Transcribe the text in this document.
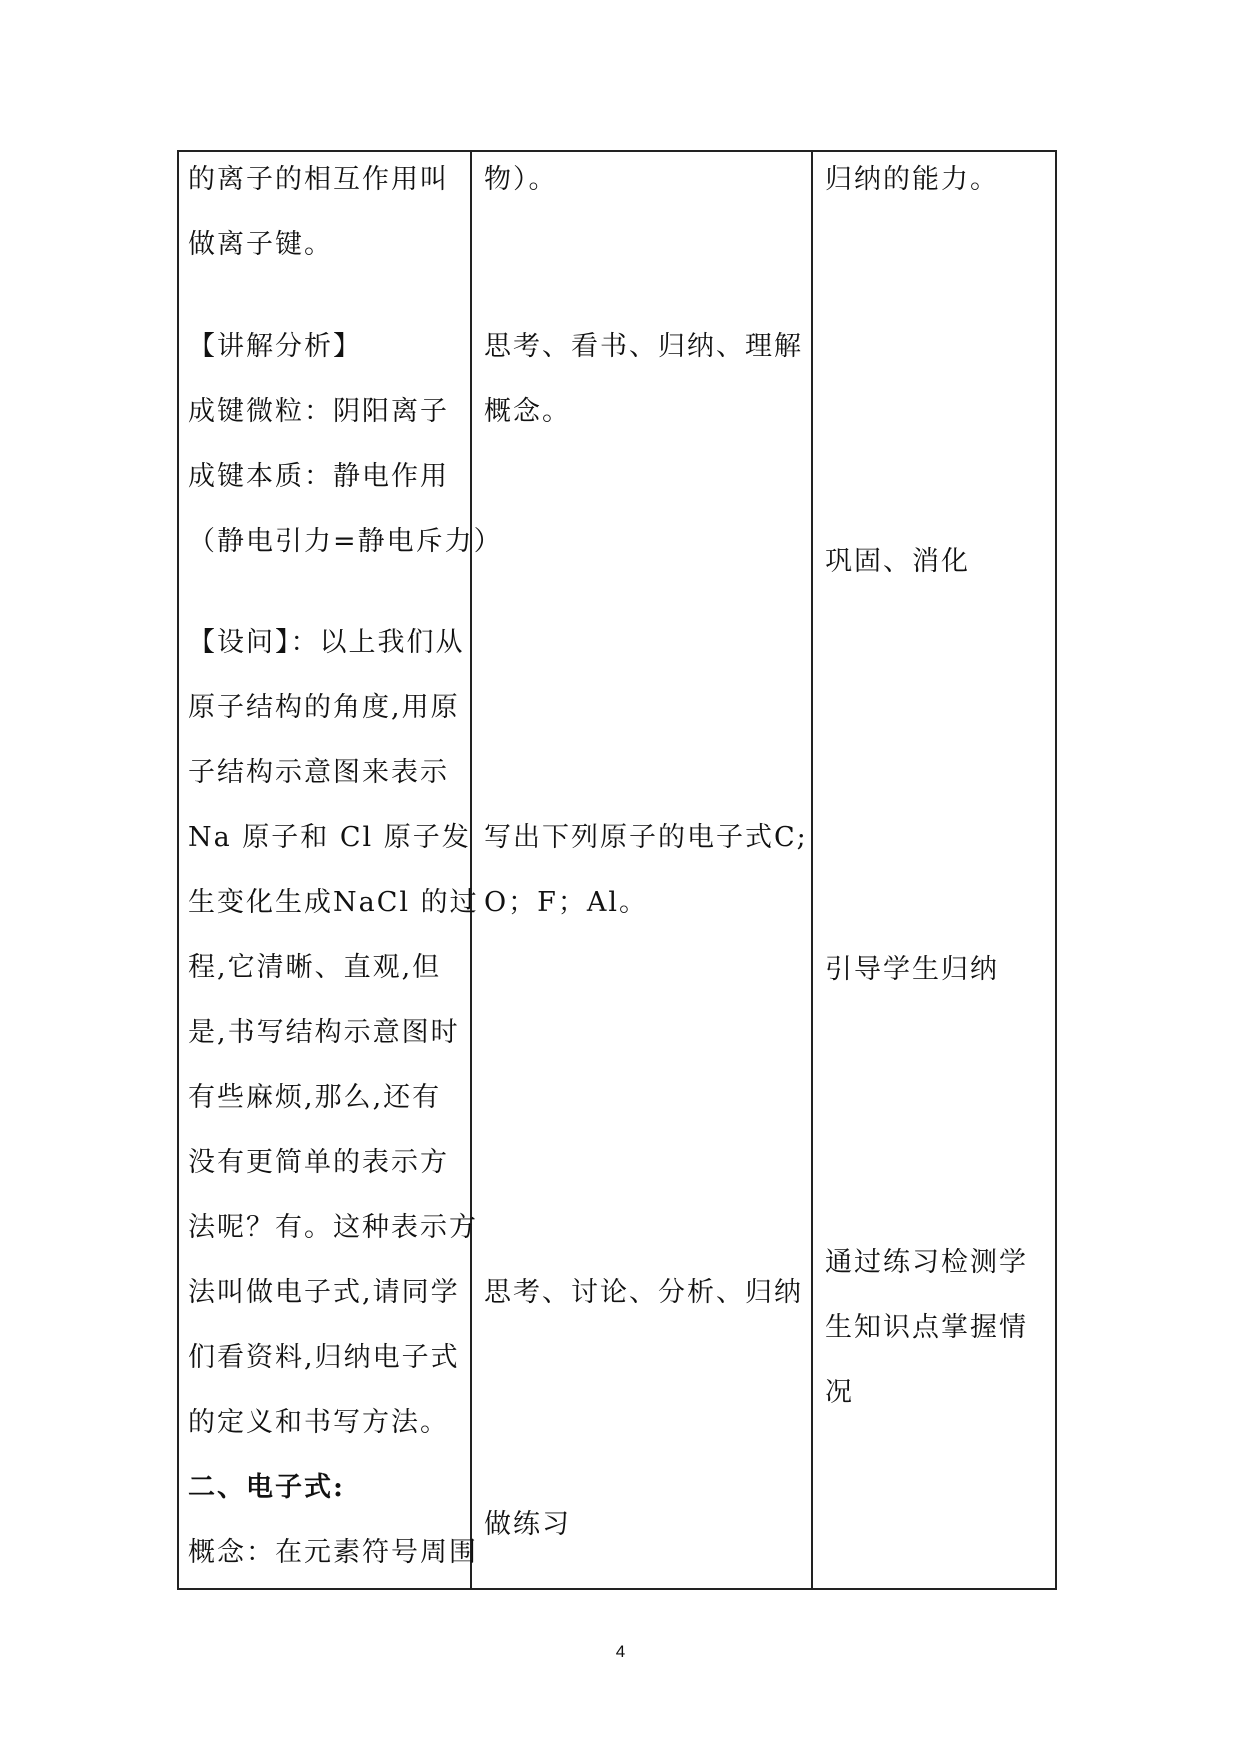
的离子的相互作用叫
做离子键。
【讲解分析】
成键微粒：阴阳离子
成键本质：静电作用
（静电引力=静电斥力）
【设问】：以上我们从
原子结构的角度,用原
子结构示意图来表示
Na 原子和 Cl 原子发
生变化生成NaCl 的过
程,它清晰、直观,但
是,书写结构示意图时
有些麻烦,那么,还有
没有更简单的表示方
法呢？有。这种表示方
法叫做电子式,请同学
们看资料,归纳电子式
的定义和书写方法。
二、电子式:
概念：在元素符号周围
物）。
思考、看书、归纳、理解
概念。
写出下列原子的电子式C;
O；F；Al。
思考、讨论、分析、归纳
做练习
归纳的能力。
巩固、消化
引导学生归纳
通过练习检测学
生知识点掌握情
况
4
